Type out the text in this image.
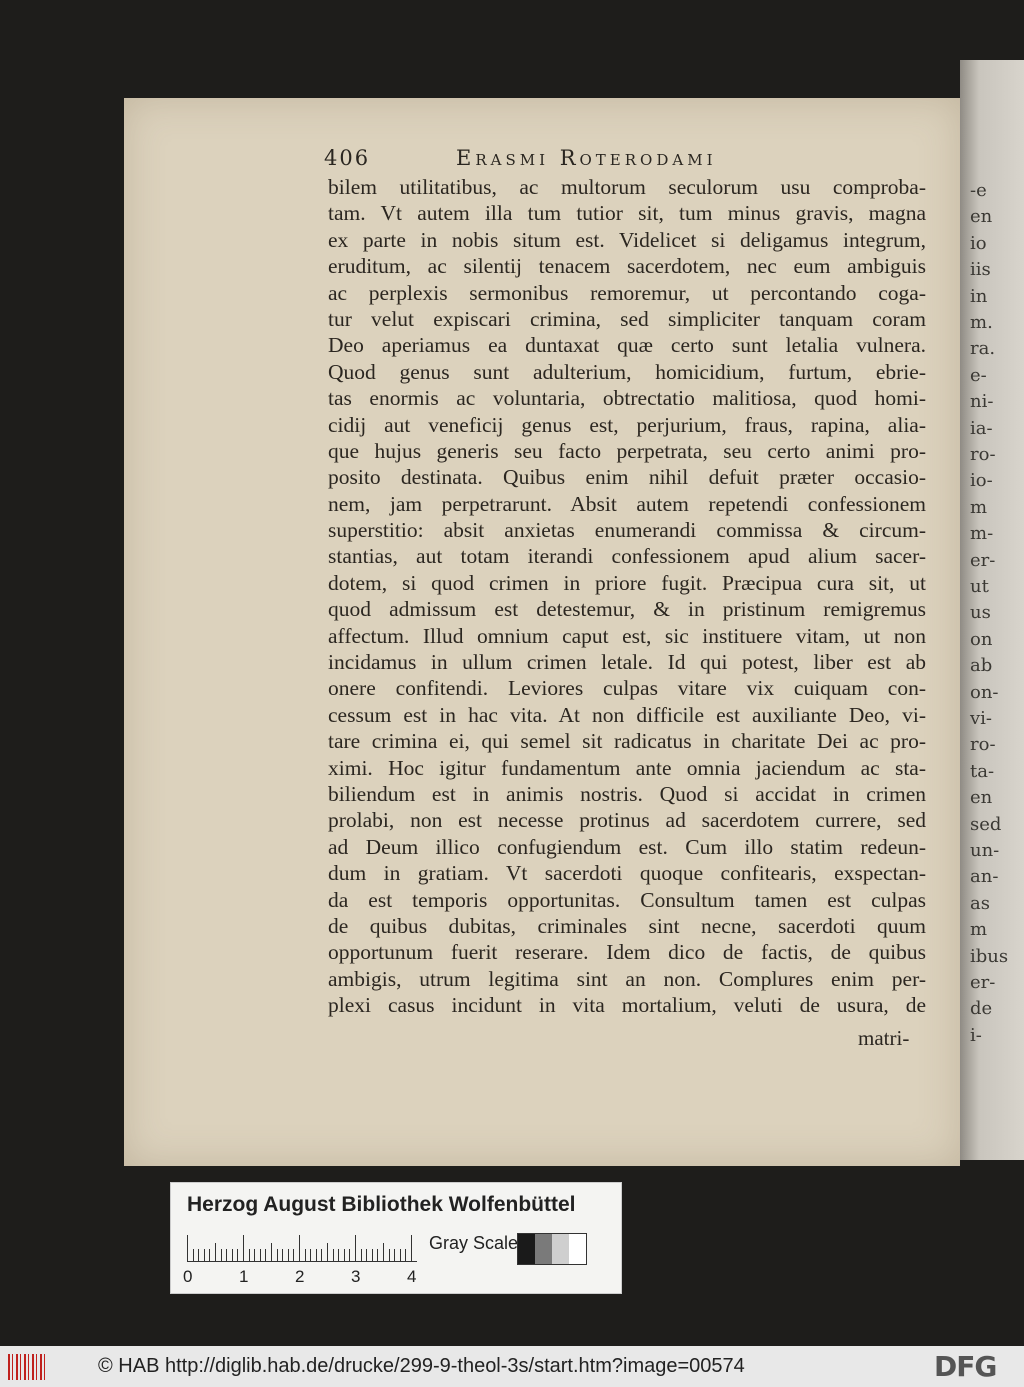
-e
en
io
iis
in
m.
ra.
e-
ni-
ia-
ro-
io-
m
m-
er-
ut
us
on
ab
on-
vi-
ro-
ta-
en
sed
un-
an-
as
m
ibus
er-
de
i-
406	Erasmi Roterodami
bilem utilitatibus, ac multorum seculorum usu comproba-
tam. Vt autem illa tum tutior sit, tum minus gravis, magna
ex parte in nobis situm est. Videlicet si deligamus integrum,
eruditum, ac silentij tenacem sacerdotem, nec eum ambiguis
ac perplexis sermonibus remoremur, ut percontando coga-
tur velut expiscari crimina, sed simpliciter tanquam coram
Deo aperiamus ea duntaxat quæ certo sunt letalia vulnera.
Quod genus sunt adulterium, homicidium, furtum, ebrie-
tas enormis ac voluntaria, obtrectatio malitiosa, quod homi-
cidij aut veneficij genus est, perjurium, fraus, rapina, alia-
que hujus generis seu facto perpetrata, seu certo animi pro-
posito destinata. Quibus enim nihil defuit præter occasio-
nem, jam perpetrarunt. Absit autem repetendi confessionem
superstitio: absit anxietas enumerandi commissa & circum-
stantias, aut totam iterandi confessionem apud alium sacer-
dotem, si quod crimen in priore fugit. Præcipua cura sit, ut
quod admissum est detestemur, & in pristinum remigremus
affectum. Illud omnium caput est, sic instituere vitam, ut non
incidamus in ullum crimen letale. Id qui potest, liber est ab
onere confitendi. Leviores culpas vitare vix cuiquam con-
cessum est in hac vita. At non difficile est auxiliante Deo, vi-
tare crimina ei, qui semel sit radicatus in charitate Dei ac pro-
ximi. Hoc igitur fundamentum ante omnia jaciendum ac sta-
biliendum est in animis nostris. Quod si accidat in crimen
prolabi, non est necesse protinus ad sacerdotem currere, sed
ad Deum illico confugiendum est. Cum illo statim redeun-
dum in gratiam. Vt sacerdoti quoque confitearis, exspectan-
da est temporis opportunitas. Consultum tamen est culpas
de quibus dubitas, criminales sint necne, sacerdoti quum
opportunum fuerit reserare. Idem dico de factis, de quibus
ambigis, utrum legitima sint an non. Complures enim per-
plexi casus incidunt in vita mortalium, veluti de usura, de
matri-
Herzog August Bibliothek Wolfenbüttel
0	1	2	3	4
Gray Scale
© HAB http://diglib.hab.de/drucke/299-9-theol-3s/start.htm?image=00574	DFG
